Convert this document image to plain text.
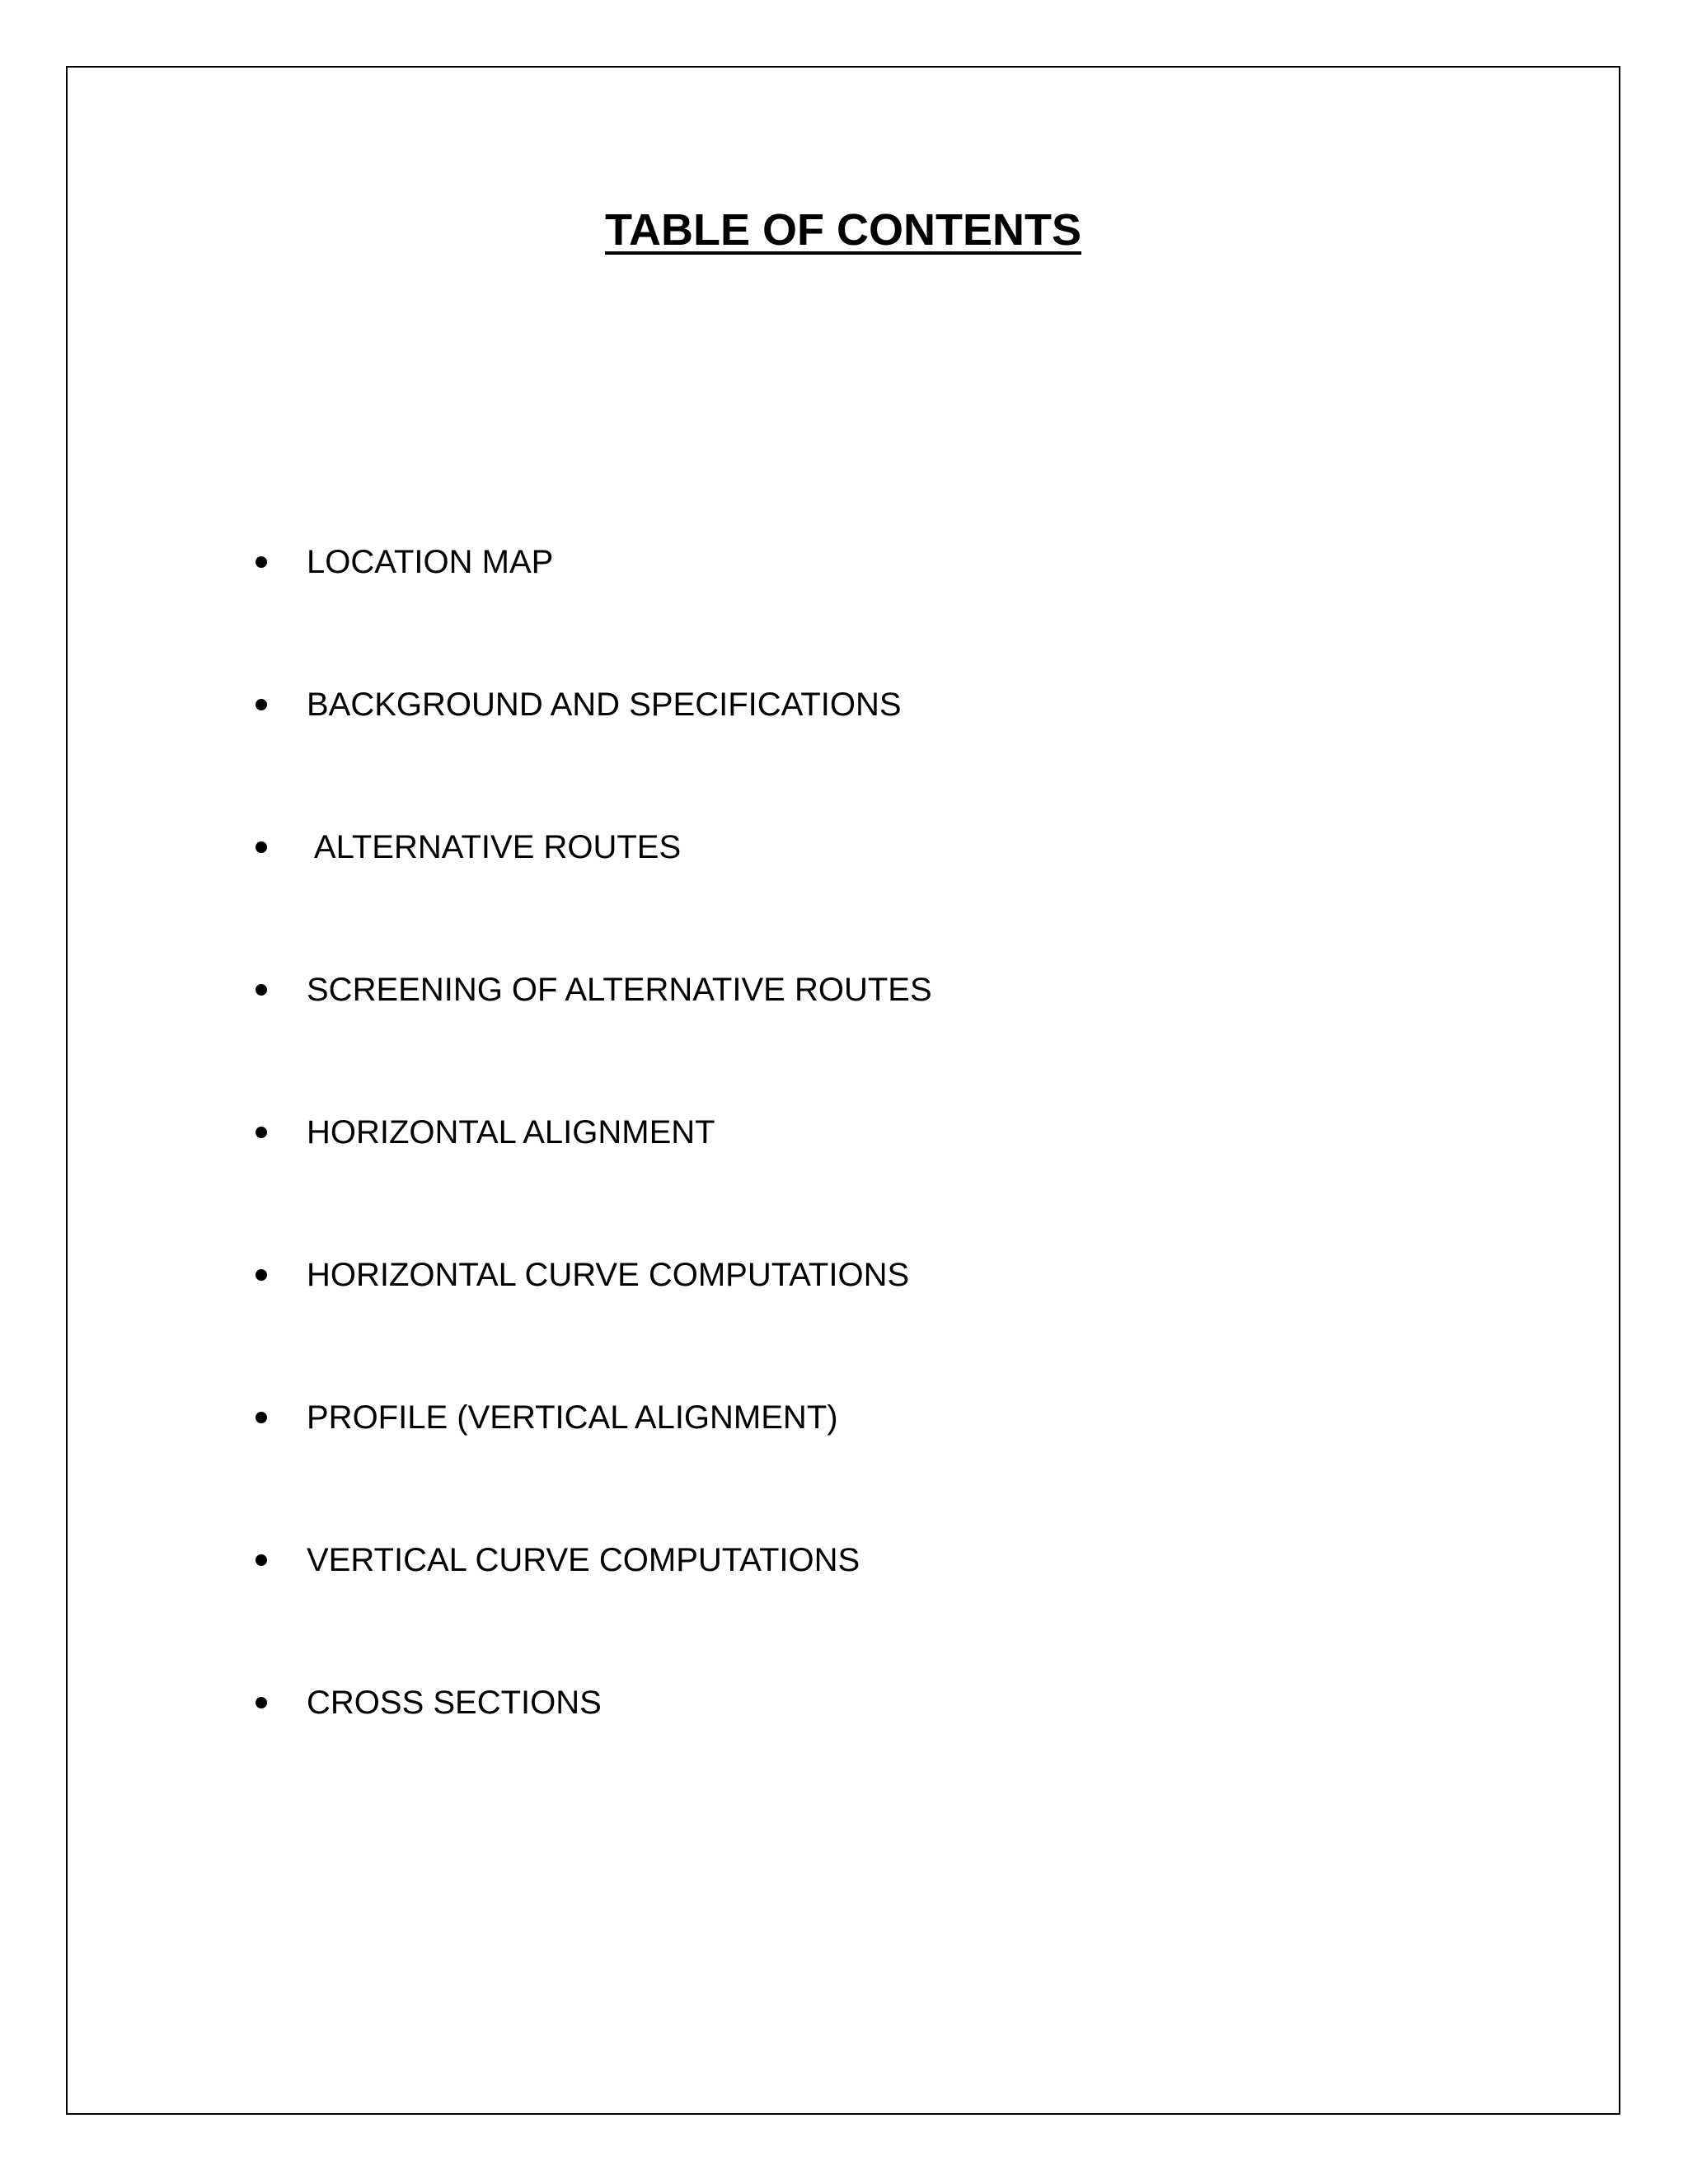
TABLE OF CONTENTS
LOCATION MAP
BACKGROUND AND SPECIFICATIONS
ALTERNATIVE ROUTES
SCREENING OF ALTERNATIVE ROUTES
HORIZONTAL ALIGNMENT
HORIZONTAL CURVE COMPUTATIONS
PROFILE (VERTICAL ALIGNMENT)
VERTICAL CURVE COMPUTATIONS
CROSS SECTIONS
